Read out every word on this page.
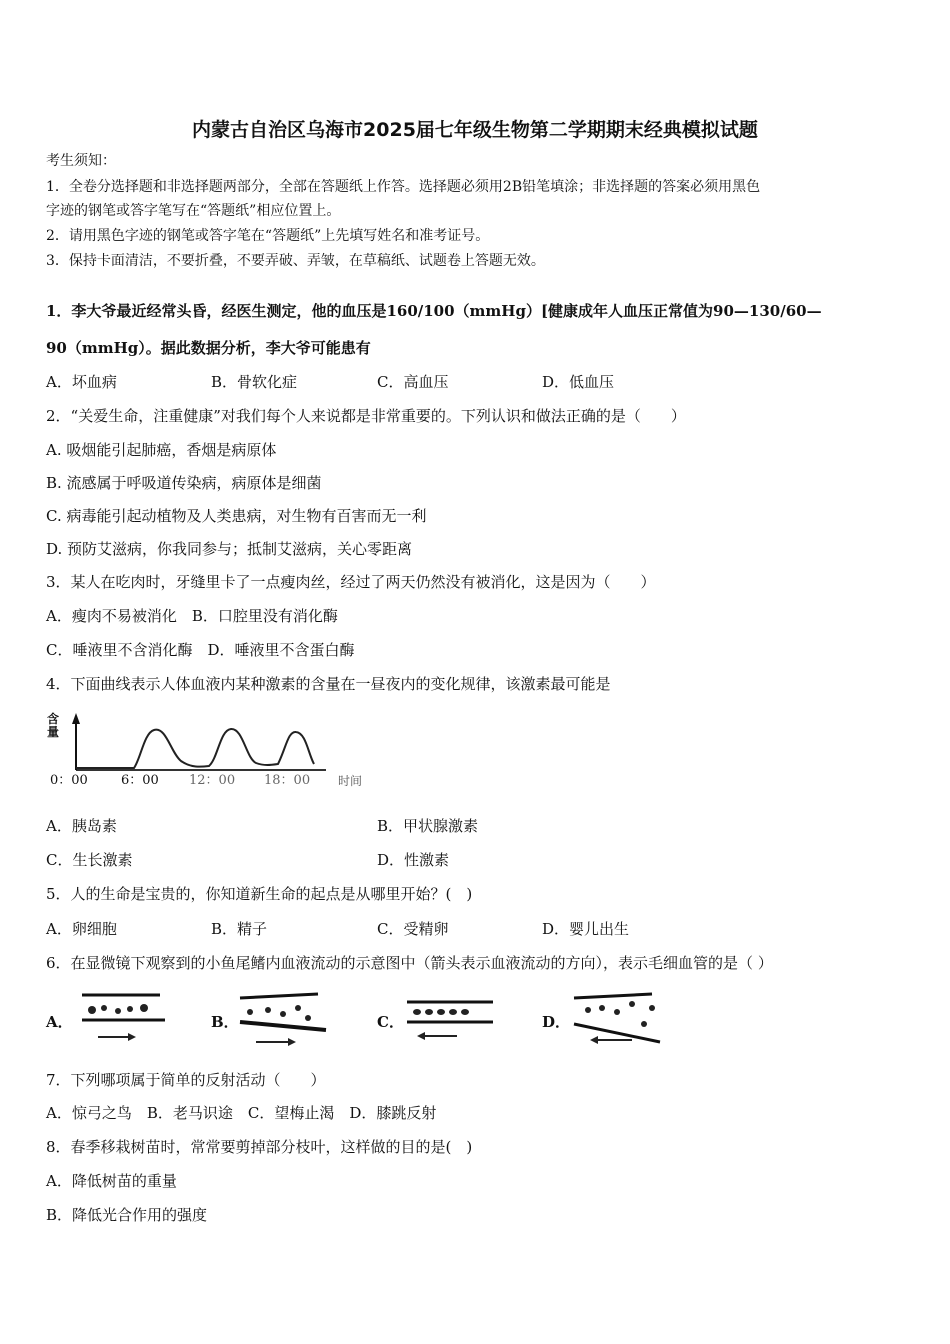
内蒙古自治区乌海市2025届七年级生物第二学期期末经典模拟试题
考生须知：
1．全卷分选择题和非选择题两部分，全部在答题纸上作答。选择题必须用2B铅笔填涂；非选择题的答案必须用黑色
字迹的钢笔或答字笔写在“答题纸”相应位置上。
2．请用黑色字迹的钢笔或答字笔在“答题纸”上先填写姓名和准考证号。
3．保持卡面清洁，不要折叠，不要弄破、弄皱，在草稿纸、试题卷上答题无效。
1．李大爷最近经常头昏，经医生测定，他的血压是160/100（mmHg）[健康成年人血压正常值为90—130/60—
90（mmHg）。据此数据分析，李大爷可能患有
A．坏血病	B．骨软化症	C．高血压	D．低血压
2．“关爱生命，注重健康”对我们每个人来说都是非常重要的。下列认识和做法正确的是（　　）
A. 吸烟能引起肺癌，香烟是病原体
B. 流感属于呼吸道传染病，病原体是细菌
C. 病毒能引起动植物及人类患病，对生物有百害而无一利
D. 预防艾滋病，你我同参与；抵制艾滋病，关心零距离
3．某人在吃肉时，牙缝里卡了一点瘦肉丝，经过了两天仍然没有被消化，这是因为（　　）
A．瘦肉不易被消化　B．口腔里没有消化酶
C．唾液里不含消化酶　D．唾液里不含蛋白酶
4．下面曲线表示人体血液内某种激素的含量在一昼夜内的变化规律，该激素最可能是
含量
0：00	6：00 12：00 18：00 时间
A．胰岛素	B．甲状腺激素
C．生长激素	D．性激素
5．人的生命是宝贵的，你知道新生命的起点是从哪里开始？(　)
A．卵细胞	B．精子	C．受精卵	D．婴儿出生
6．在显微镜下观察到的小鱼尾鳍内血液流动的示意图中（箭头表示血液流动的方向），表示毛细血管的是（ ）
A．	B．	C．	D．
7．下列哪项属于简单的反射活动（　　）
A．惊弓之鸟　B．老马识途　C．望梅止渴　D．膝跳反射
8．春季移栽树苗时，常常要剪掉部分枝叶，这样做的目的是(　)
A．降低树苗的重量
B．降低光合作用的强度
